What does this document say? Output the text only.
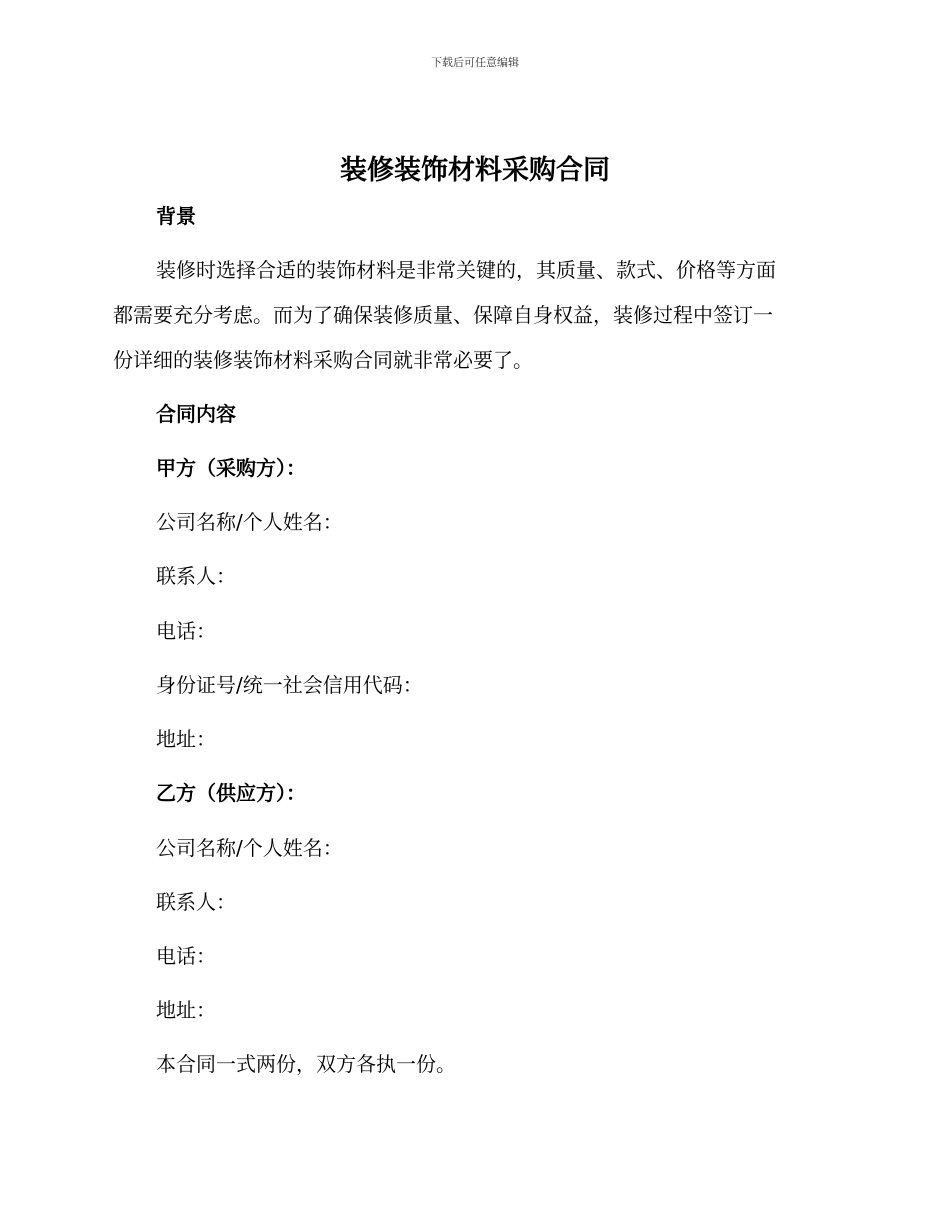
下载后可任意编辑
装修装饰材料采购合同
背景
装修时选择合适的装饰材料是非常关键的，其质量、款式、价格等方面
都需要充分考虑。而为了确保装修质量、保障自身权益，装修过程中签订一
份详细的装修装饰材料采购合同就非常必要了。
合同内容
甲方（采购方）：
公司名称/个人姓名：
联系人：
电话：
身份证号/统一社会信用代码：
地址：
乙方（供应方）：
公司名称/个人姓名：
联系人：
电话：
地址：
本合同一式两份，双方各执一份。
